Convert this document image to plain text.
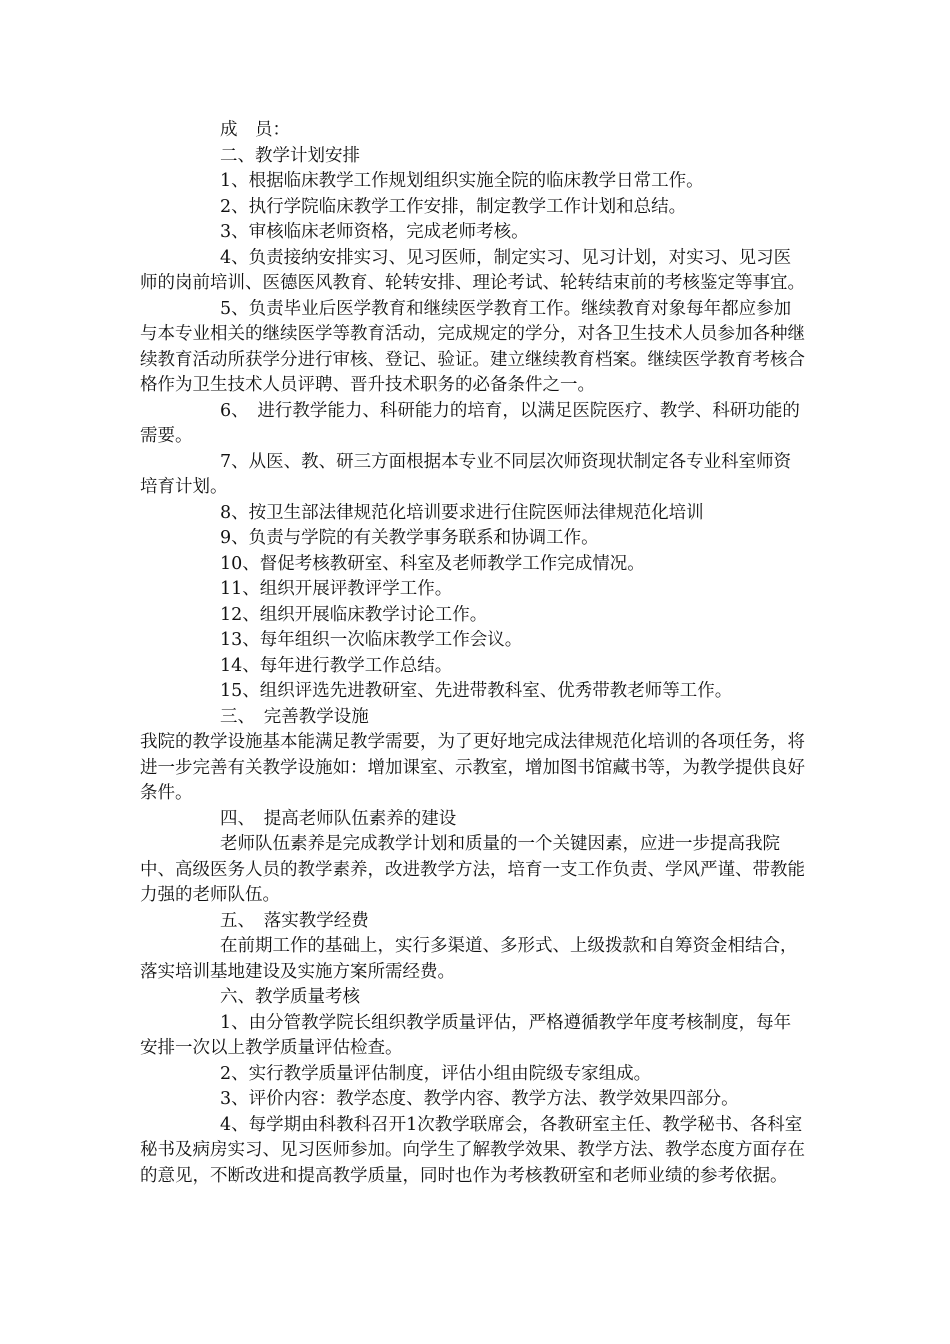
成　员：

二、教学计划安排

1、根据临床教学工作规划组织实施全院的临床教学日常工作。

2、执行学院临床教学工作安排，制定教学工作计划和总结。

3、审核临床老师资格，完成老师考核。

4、负责接纳安排实习、见习医师，制定实习、见习计划，对实习、见习医师的岗前培训、医德医风教育、轮转安排、理论考试、轮转结束前的考核鉴定等事宜。

5、负责毕业后医学教育和继续医学教育工作。继续教育对象每年都应参加与本专业相关的继续医学等教育活动，完成规定的学分，对各卫生技术人员参加各种继续教育活动所获学分进行审核、登记、验证。建立继续教育档案。继续医学教育考核合格作为卫生技术人员评聘、晋升技术职务的必备条件之一。

6、　进行教学能力、科研能力的培育，以满足医院医疗、教学、科研功能的需要。

7、从医、教、研三方面根据本专业不同层次师资现状制定各专业科室师资培育计划。

8、按卫生部法律规范化培训要求进行住院医师法律规范化培训

9、负责与学院的有关教学事务联系和协调工作。

10、督促考核教研室、科室及老师教学工作完成情况。

11、组织开展评教评学工作。

12、组织开展临床教学讨论工作。

13、每年组织一次临床教学工作会议。

14、每年进行教学工作总结。

15、组织评选先进教研室、先进带教科室、优秀带教老师等工作。

三、　完善教学设施

我院的教学设施基本能满足教学需要，为了更好地完成法律规范化培训的各项任务，将进一步完善有关教学设施如：增加课室、示教室，增加图书馆藏书等，为教学提供良好条件。

四、　提高老师队伍素养的建设

老师队伍素养是完成教学计划和质量的一个关键因素，应进一步提高我院中、高级医务人员的教学素养，改进教学方法，培育一支工作负责、学风严谨、带教能力强的老师队伍。

五、　落实教学经费

在前期工作的基础上，实行多渠道、多形式、上级拨款和自筹资金相结合，落实培训基地建设及实施方案所需经费。

六、教学质量考核

1、由分管教学院长组织教学质量评估，严格遵循教学年度考核制度，每年安排一次以上教学质量评估检查。

2、实行教学质量评估制度，评估小组由院级专家组成。

3、评价内容：教学态度、教学内容、教学方法、教学效果四部分。

4、每学期由科教科召开1次教学联席会，各教研室主任、教学秘书、各科室秘书及病房实习、见习医师参加。向学生了解教学效果、教学方法、教学态度方面存在的意见，不断改进和提高教学质量，同时也作为考核教研室和老师业绩的参考依据。
